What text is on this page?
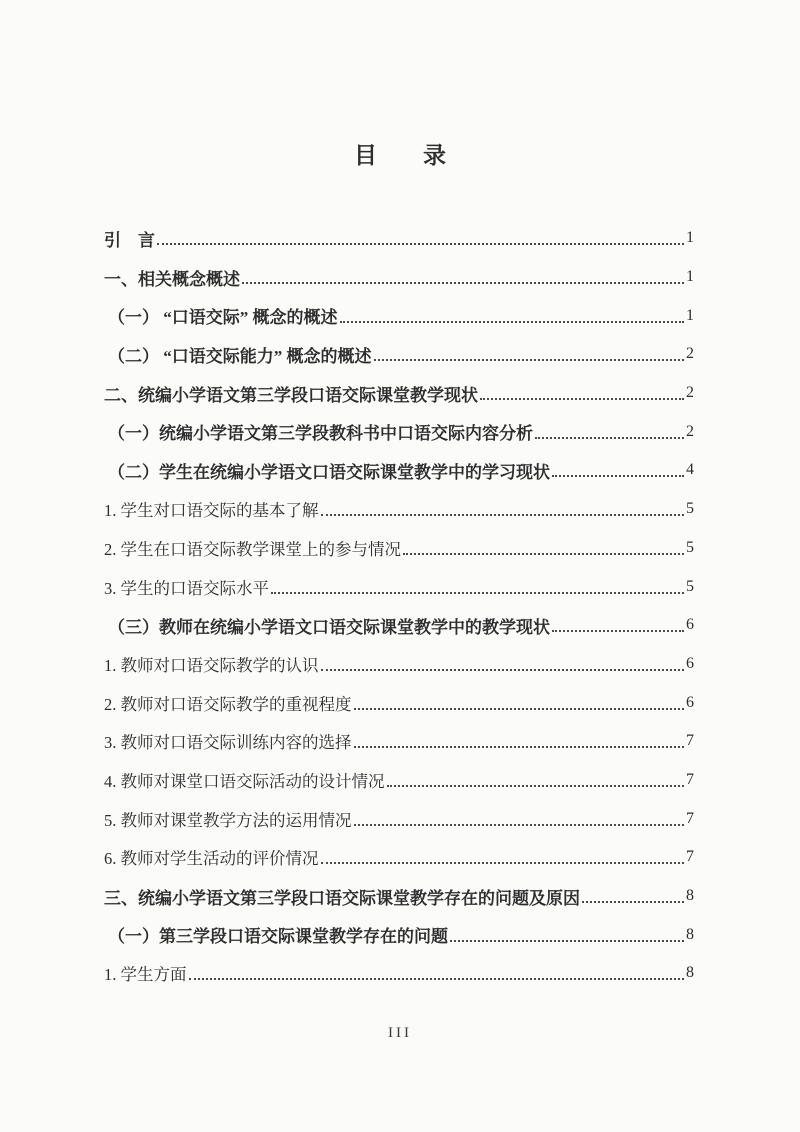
目　　录
引　言	1
一、相关概念概述	1
（一） “口语交际” 概念的概述	1
（二） “口语交际能力” 概念的概述	2
二、统编小学语文第三学段口语交际课堂教学现状	2
（一）统编小学语文第三学段教科书中口语交际内容分析	2
（二）学生在统编小学语文口语交际课堂教学中的学习现状	4
1. 学生对口语交际的基本了解	5
2. 学生在口语交际教学课堂上的参与情况	5
3. 学生的口语交际水平	5
（三）教师在统编小学语文口语交际课堂教学中的教学现状	6
1. 教师对口语交际教学的认识	6
2. 教师对口语交际教学的重视程度	6
3. 教师对口语交际训练内容的选择	7
4. 教师对课堂口语交际活动的设计情况	7
5. 教师对课堂教学方法的运用情况	7
6. 教师对学生活动的评价情况	7
三、统编小学语文第三学段口语交际课堂教学存在的问题及原因	8
（一）第三学段口语交际课堂教学存在的问题	8
1. 学生方面	8
III
